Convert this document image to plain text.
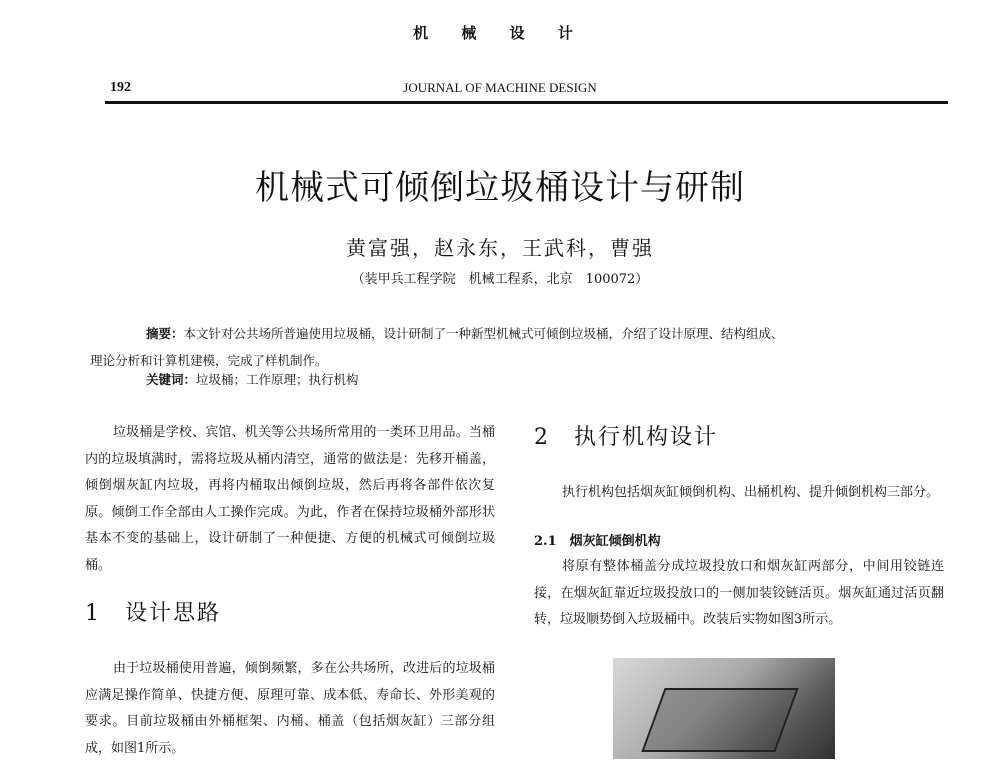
机 械 设 计
192	JOURNAL OF MACHINE DESIGN
机械式可倾倒垃圾桶设计与研制
黄富强，赵永东，王武科，曹强
（装甲兵工程学院　机械工程系，北京　100072）
摘要：本文针对公共场所普遍使用垃圾桶，设计研制了一种新型机械式可倾倒垃圾桶，介绍了设计原理、结构组成、
理论分析和计算机建模，完成了样机制作。
关键词：垃圾桶；工作原理；执行机构

垃圾桶是学校、宾馆、机关等公共场所常用的一类环卫用品。当桶内的垃圾填满时，需将垃圾从桶内清空，通常的做法是：先移开桶盖，倾倒烟灰缸内垃圾，再将内桶取出倾倒垃圾，然后再将各部件依次复原。倾倒工作全部由人工操作完成。为此，作者在保持垃圾桶外部形状基本不变的基础上，设计研制了一种便捷、方便的机械式可倾倒垃圾桶。

1　设计思路

由于垃圾桶使用普遍，倾倒频繁，多在公共场所，改进后的垃圾桶应满足操作简单、快捷方便、原理可靠、成本低、寿命长、外形美观的要求。目前垃圾桶由外桶框架、内桶、桶盖（包括烟灰缸）三部分组成，如图1所示。

2　执行机构设计

执行机构包括烟灰缸倾倒机构、出桶机构、提升倾倒机构三部分。

2.1　烟灰缸倾倒机构

将原有整体桶盖分成垃圾投放口和烟灰缸两部分，中间用铰链连接，在烟灰缸靠近垃圾投放口的一侧加装铰链活页。烟灰缸通过活页翻转，垃圾顺势倒入垃圾桶中。改装后实物如图3所示。
